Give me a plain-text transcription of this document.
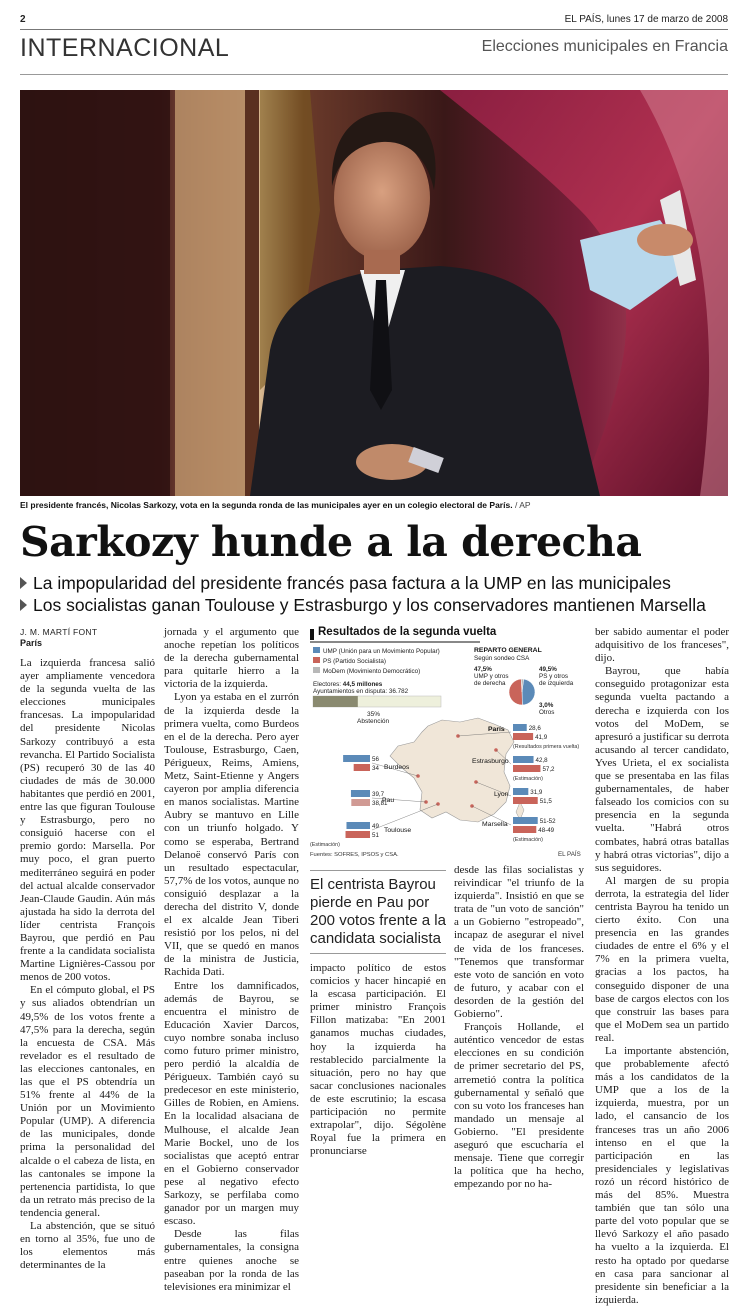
2	EL PAÍS, lunes 17 de marzo de 2008
INTERNACIONAL	Elecciones municipales en Francia
El presidente francés, Nicolas Sarkozy, vota en la segunda ronda de las municipales ayer en un colegio electoral de París. / AP
Sarkozy hunde a la derecha
La impopularidad del presidente francés pasa factura a la UMP en las municipales
Los socialistas ganan Toulouse y Estrasburgo y los conservadores mantienen Marsella
J. M. MARTÍ FONT
París

La izquierda francesa salió ayer ampliamente vencedora de la segunda vuelta de las elecciones municipales francesas. La impopularidad del presidente Nicolas Sarkozy contribuyó a esta revancha. El Partido Socialista (PS) recuperó 30 de las 40 ciudades de más de 30.000 habitantes que perdió en 2001, entre las que figuran Toulouse y Estrasburgo, pero no consiguió hacerse con el premio gordo: Marsella. Por muy poco, el gran puerto mediterráneo seguirá en poder del actual alcalde conservador Jean-Claude Gaudin. Aún más ajustada ha sido la derrota del líder centrista François Bayrou, que perdió en Pau frente a la candidata socialista Martine Lignières-Cassou por menos de 200 votos.

En el cómputo global, el PS y sus aliados obtendrían un 49,5% de los votos frente a 47,5% para la derecha, según la encuesta de CSA. Más revelador es el resultado de las elecciones cantonales, en las que el PS obtendría un 51% frente al 44% de la Unión por un Movimiento Popular (UMP). A diferencia de las municipales, donde prima la personalidad del alcalde o el cabeza de lista, en las cantonales se impone la pertenencia partidista, lo que da un retrato más preciso de la tendencia general.

La abstención, que se situó en torno al 35%, fue uno de los elementos más determinantes de la

jornada y el argumento que anoche repetían los políticos de la derecha gubernamental para quitarle hierro a la victoria de la izquierda.

Lyon ya estaba en el zurrón de la izquierda desde la primera vuelta, como Burdeos en el de la derecha. Pero ayer Toulouse, Estrasburgo, Caen, Périgueux, Reims, Amiens, Metz, Saint-Etienne y Angers cayeron por amplia diferencia en manos socialistas. Martine Aubry se mantuvo en Lille con un triunfo holgado. Y como se esperaba, Bertrand Delanoë conservó París con un resultado espectacular, 57,7% de los votos, aunque no consiguió desplazar a la derecha del distrito V, donde el ex alcalde Jean Tiberi resistió por los pelos, ni del VII, que se quedó en manos de la ministra de Justicia, Rachida Dati.

Entre los damnificados, además de Bayrou, se encuentra el ministro de Educación Xavier Darcos, cuyo nombre sonaba incluso como futuro primer ministro, pero perdió la alcaldía de Périgueux. También cayó su predecesor en este ministerio, Gilles de Robien, en Amiens. En la localidad alsaciana de Mulhouse, el alcalde Jean Marie Bockel, uno de los socialistas que aceptó entrar en el Gobierno conservador pese al negativo efecto Sarkozy, se perfilaba como ganador por un margen muy escaso.

Desde las filas gubernamentales, la consigna entre quienes anoche se paseaban por la ronda de las televisiones era minimizar el

Resultados de la segunda vuelta
UMP (Unión para un Movimiento Popular)
PS (Partido Socialista)
MoDem (Movimiento Democrático)
Electores: 44,5 millones
Ayuntamientos en disputa: 36.782
35%
Abstención
REPARTO GENERAL
Según sondeo CSA
47,5%
UMP y otros
de derecha
49,5%
PS y otros
de izquierda
3,0%
Otros
28,6
41,9
(Resultados primera vuelta)
París
42,8
57,2
(Estimación)
Estrasburgo
31,9
51,5
Lyon
51-52
48-49
(Estimación)
Marsella
56
34 Burdeos
39,7
38,81
Pau
49
51
(Estimación)
Toulouse
Fuentes: SOFRES, IPSOS y CSA.	EL PAÍS
El centrista Bayrou pierde en Pau por 200 votos frente a la candidata socialista

impacto político de estos comicios y hacer hincapié en la escasa participación. El primer ministro François Fillon matizaba: "En 2001 ganamos muchas ciudades, hoy la izquierda ha restablecido parcialmente la situación, pero no hay que sacar conclusiones nacionales de este escrutinio; la escasa participación no permite extrapolar", dijo. Ségolène Royal fue la primera en pronunciarse

desde las filas socialistas y reivindicar "el triunfo de la izquierda". Insistió en que se trata de "un voto de sanción" a un Gobierno "estropeado", incapaz de asegurar el nivel de vida de los franceses. "Tenemos que transformar este voto de sanción en voto de futuro, y acabar con el desorden de la gestión del Gobierno".

François Hollande, el auténtico vencedor de estas elecciones en su condición de primer secretario del PS, arremetió contra la política gubernamental y señaló que con su voto los franceses han mandado un mensaje al Gobierno. "El presidente aseguró que escucharía el mensaje. Tiene que corregir la política que ha hecho, empezando por no ha-

ber sabido aumentar el poder adquisitivo de los franceses", dijo.

Bayrou, que había conseguido protagonizar esta segunda vuelta pactando a derecha e izquierda con los votos del MoDem, se apresuró a justificar su derrota acusando al tercer candidato, Yves Urieta, el ex socialista que se presentaba en las filas gubernamentales, de haber falseado los comicios con su presencia en la segunda vuelta. "Habrá otros combates, habrá otras batallas y habrá otras victorias", dijo a sus seguidores.

Al margen de su propia derrota, la estrategia del líder centrista Bayrou ha tenido un cierto éxito. Con una presencia en las grandes ciudades de entre el 6% y el 7% en la primera vuelta, gracias a los pactos, ha conseguido disponer de una base de cargos electos con los que construir las bases para que el MoDem sea un partido real.

La importante abstención, que probablemente afectó más a los candidatos de la UMP que a los de la izquierda, muestra, por un lado, el cansancio de los franceses tras un año 2006 intenso en el que la participación en las presidenciales y legislativas rozó un récord histórico de más del 85%. Muestra también que tan sólo una parte del voto popular que se llevó Sarkozy el año pasado ha vuelto a la izquierda. El resto ha optado por quedarse en casa para sancionar al presidente sin beneficiar a la izquierda.
